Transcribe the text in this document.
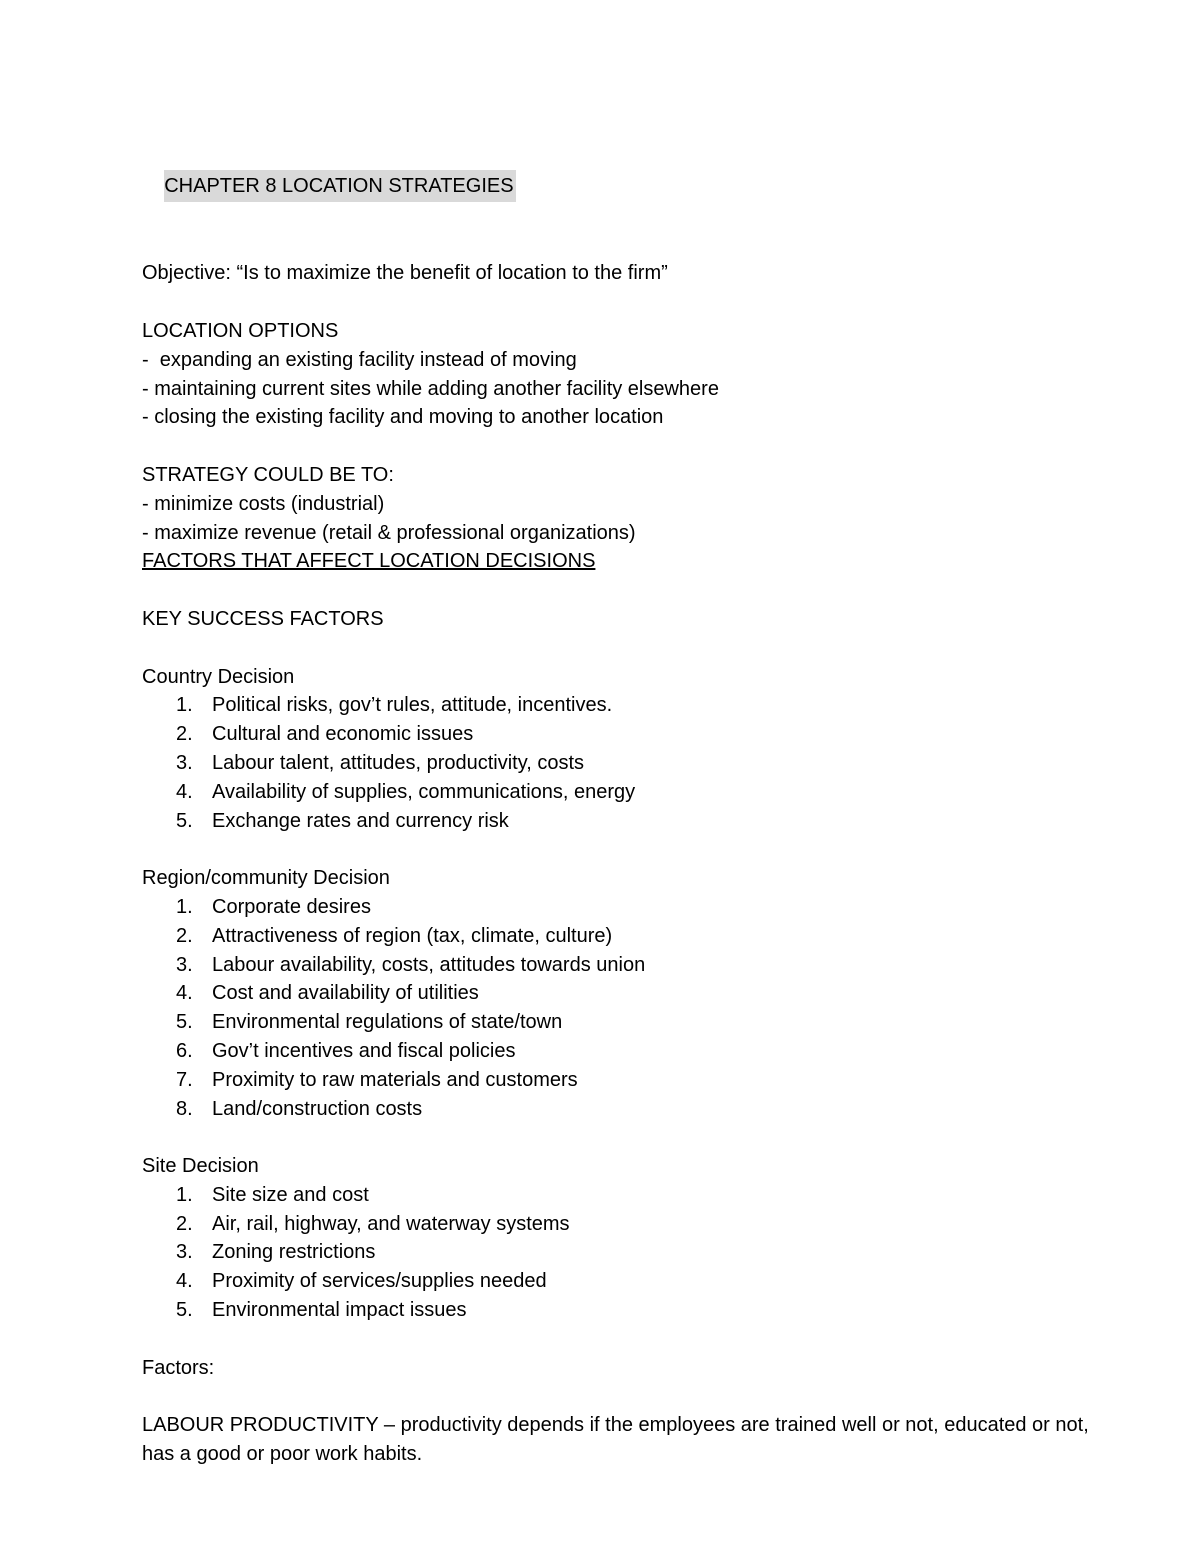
CHAPTER 8 LOCATION STRATEGIES

Objective: “Is to maximize the benefit of location to the firm”

LOCATION OPTIONS

-  expanding an existing facility instead of moving

- maintaining current sites while adding another facility elsewhere

- closing the existing facility and moving to another location

STRATEGY COULD BE TO:

- minimize costs (industrial)

- maximize revenue (retail & professional organizations)

FACTORS THAT AFFECT LOCATION DECISIONS

KEY SUCCESS FACTORS

Country Decision

1. Political risks, gov’t rules, attitude, incentives.
2. Cultural and economic issues
3. Labour talent, attitudes, productivity, costs
4. Availability of supplies, communications, energy
5. Exchange rates and currency risk

Region/community Decision

1. Corporate desires
2. Attractiveness of region (tax, climate, culture)
3. Labour availability, costs, attitudes towards union
4. Cost and availability of utilities
5. Environmental regulations of state/town
6. Gov’t incentives and fiscal policies
7. Proximity to raw materials and customers
8. Land/construction costs

Site Decision

1. Site size and cost
2. Air, rail, highway, and waterway systems
3. Zoning restrictions
4. Proximity of services/supplies needed
5. Environmental impact issues

Factors:

LABOUR PRODUCTIVITY – productivity depends if the employees are trained well or not, educated or not, has a good or poor work habits.
